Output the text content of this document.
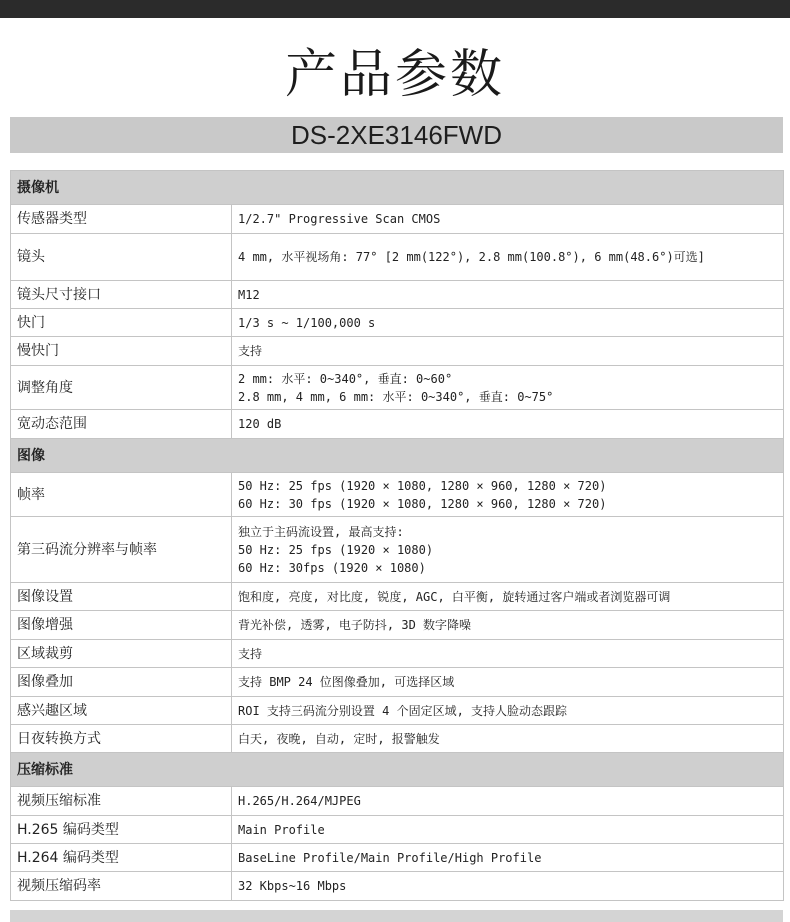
产品参数
DS-2XE3146FWD
摄像机	
传感器类型	1/2.7" Progressive Scan CMOS

镜头	4 mm, 水平视场角: 77° [2 mm(122°), 2.8 mm(100.8°), 6 mm(48.6°)可选]

镜头尺寸接口	M12

快门	1/3 s ~ 1/100,000 s

慢快门	支持

调整角度	2 mm: 水平: 0~340°, 垂直: 0~60°
2.8 mm, 4 mm, 6 mm: 水平: 0~340°, 垂直: 0~75°

宽动态范围	120 dB

图像	
帧率	50 Hz: 25 fps (1920 × 1080, 1280 × 960, 1280 × 720)
60 Hz: 30 fps (1920 × 1080, 1280 × 960, 1280 × 720)

第三码流分辨率与帧率	独立于主码流设置, 最高支持:
50 Hz: 25 fps (1920 × 1080)
60 Hz: 30fps (1920 × 1080)

图像设置	饱和度, 亮度, 对比度, 锐度, AGC, 白平衡, 旋转通过客户端或者浏览器可调

图像增强	背光补偿, 透雾, 电子防抖, 3D 数字降噪

区域裁剪	支持

图像叠加	支持 BMP 24 位图像叠加, 可选择区域

感兴趣区域	ROI 支持三码流分别设置 4 个固定区域, 支持人脸动态跟踪

日夜转换方式	白天, 夜晚, 自动, 定时, 报警触发

压缩标准	
视频压缩标准	H.265/H.264/MJPEG

H.265 编码类型	Main Profile

H.264 编码类型	BaseLine Profile/Main Profile/High Profile

视频压缩码率	32 Kbps~16 Mbps
